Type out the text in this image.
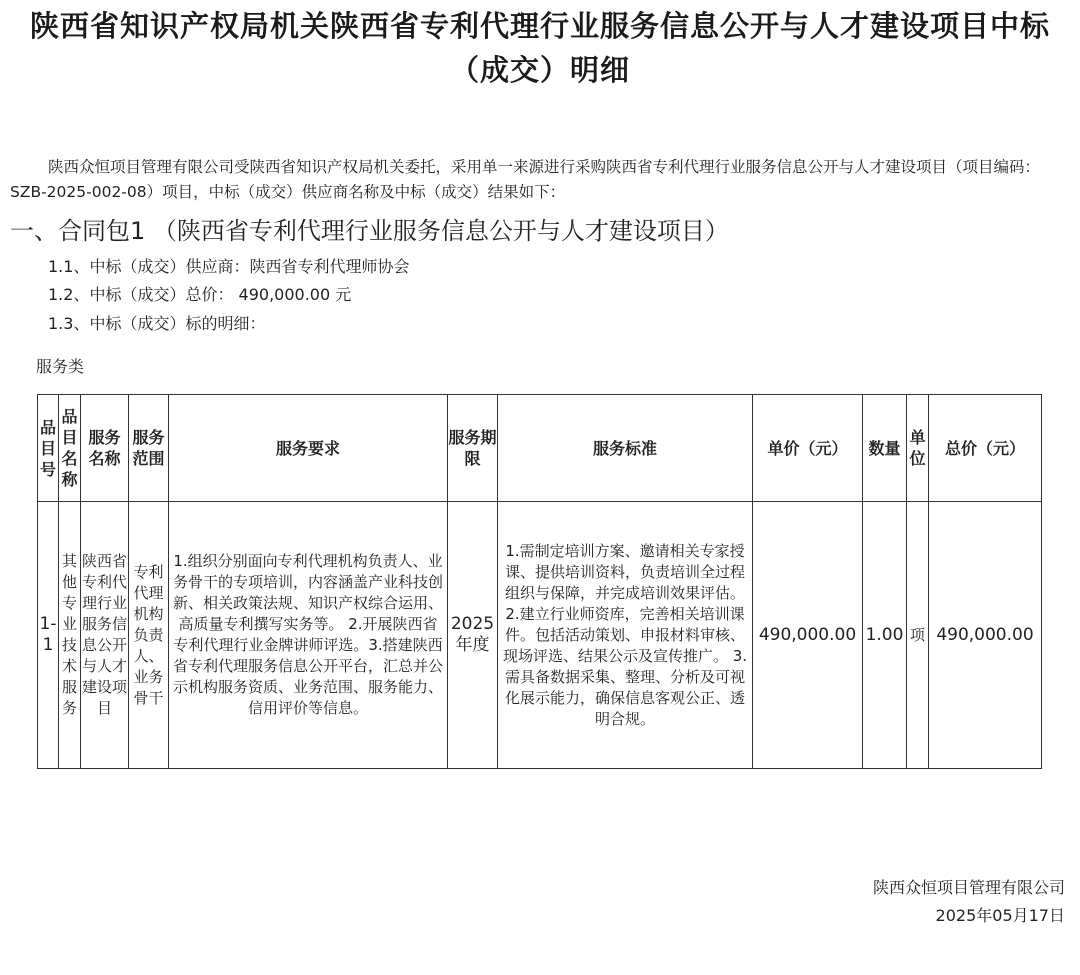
陕西省知识产权局机关陕西省专利代理行业服务信息公开与人才建设项目中标（成交）明细
陕西众恒项目管理有限公司受陕西省知识产权局机关委托，采用单一来源进行采购陕西省专利代理行业服务信息公开与人才建设项目（项目编码：SZB-2025-002-08）项目，中标（成交）供应商名称及中标（成交）结果如下：
一、合同包1 （陕西省专利代理行业服务信息公开与人才建设项目）
1.1、中标（成交）供应商：陕西省专利代理师协会
1.2、中标（成交）总价： 490,000.00 元
1.3、中标（成交）标的明细：
服务类
品目号	品目名称	服务名称	服务范围	服务要求	服务期限	服务标准	单价（元）	数量	单位	总价（元）
1-1	其他专业技术服务	陕西省专利代理行业服务信息公开与人才建设项目	专利代理机构负责人、业务骨干	1.组织分别面向专利代理机构负责人、业务骨干的专项培训，内容涵盖产业科技创新、相关政策法规、知识产权综合运用、高质量专利撰写实务等。 2.开展陕西省专利代理行业金牌讲师评选。3.搭建陕西省专利代理服务信息公开平台，汇总并公示机构服务资质、业务范围、服务能力、信用评价等信息。	2025年度	1.需制定培训方案、邀请相关专家授课、提供培训资料，负责培训全过程组织与保障，并完成培训效果评估。 2.建立行业师资库，完善相关培训课件。包括活动策划、申报材料审核、现场评选、结果公示及宣传推广。 3.需具备数据采集、整理、分析及可视化展示能力，确保信息客观公正、透明合规。	490,000.00	1.00	项	490,000.00
陕西众恒项目管理有限公司
2025年05月17日
